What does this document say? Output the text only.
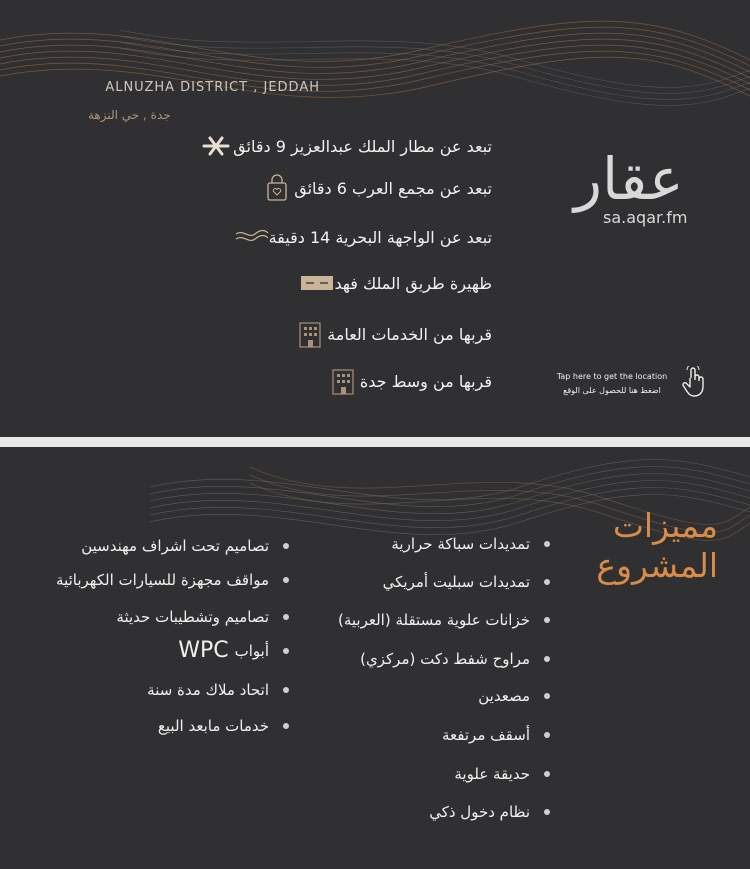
ALNUZHA DISTRICT , JEDDAH
جدة , حي النزهة
تبعد عن مطار الملك عبدالعزيز 9 دقائق
تبعد عن مجمع العرب 6 دقائق
تبعد عن الواجهة البحرية 14 دقيقة
ظهيرة طريق الملك فهد
قربها من الخدمات العامة
قربها من وسط جدة
عقار
sa.aqar.fm
Tap here to get the location
اضغط هنا للحصول على الوقع
مميزات
المشروع
تمديدات سباكة حرارية
تمديدات سبليت أمريكي
خزانات علوية مستقلة (العربية)
مراوح شفط دكت (مركزي)
مصعدين
أسقف مرتفعة
حديقة علوية
نظام دخول ذكي
تصاميم تحت اشراف مهندسين
مواقف مجهزة للسيارات الكهربائية
تصاميم وتشطيبات حديثة
أبواب
WPC
اتحاد ملاك مدة سنة
خدمات مابعد البيع
